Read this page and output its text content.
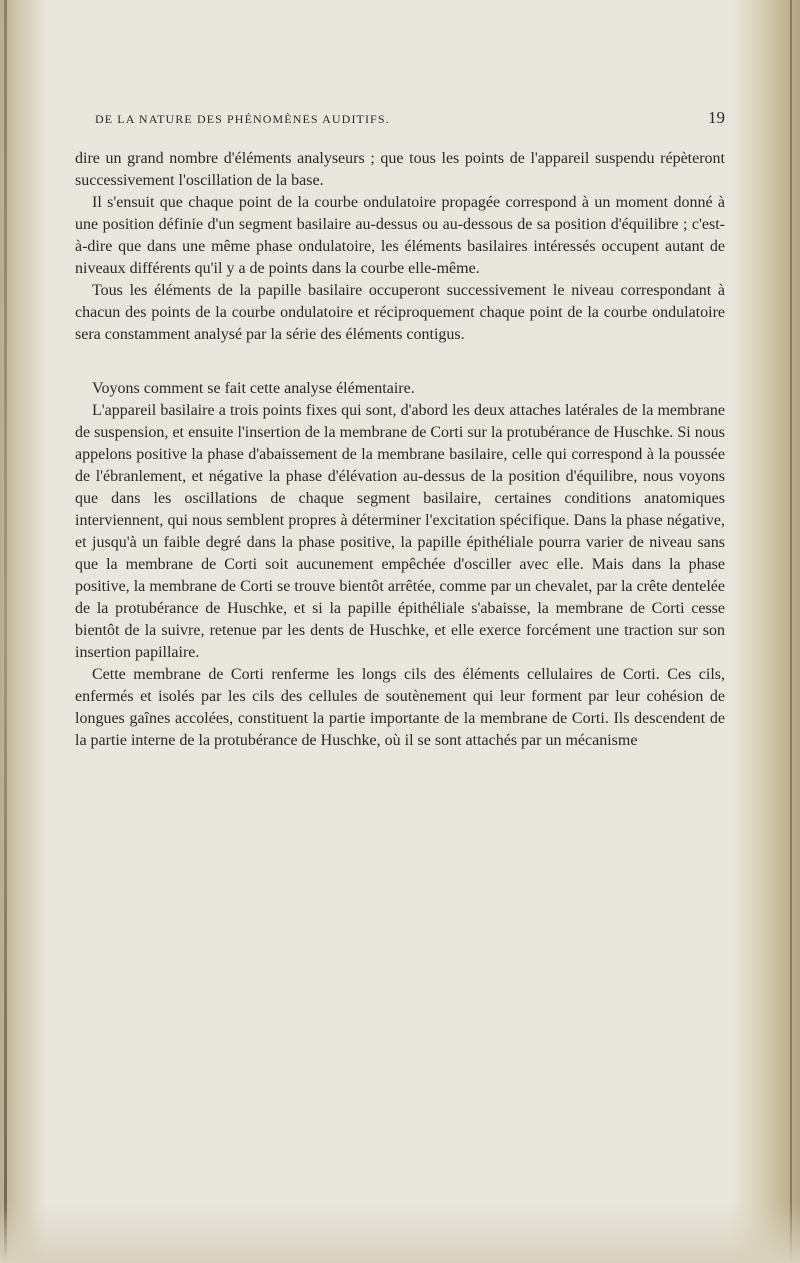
DE LA NATURE DES PHÉNOMÈNES AUDITIFS.	19

dire un grand nombre d'éléments analyseurs ; que tous les points de l'appareil suspendu répèteront successivement l'oscillation de la base.

Il s'ensuit que chaque point de la courbe ondulatoire propagée correspond à un moment donné à une position définie d'un segment basilaire au-dessus ou au-dessous de sa position d'équilibre ; c'est-à-dire que dans une même phase ondulatoire, les éléments basilaires intéressés occupent autant de niveaux différents qu'il y a de points dans la courbe elle-même.

Tous les éléments de la papille basilaire occuperont successivement le niveau correspondant à chacun des points de la courbe ondulatoire et réciproquement chaque point de la courbe ondulatoire sera constamment analysé par la série des éléments contigus.

Voyons comment se fait cette analyse élémentaire.

L'appareil basilaire a trois points fixes qui sont, d'abord les deux attaches latérales de la membrane de suspension, et ensuite l'insertion de la membrane de Corti sur la protubérance de Huschke. Si nous appelons positive la phase d'abaissement de la membrane basilaire, celle qui correspond à la poussée de l'ébranlement, et négative la phase d'élévation au-dessus de la position d'équilibre, nous voyons que dans les oscillations de chaque segment basilaire, certaines conditions anatomiques interviennent, qui nous semblent propres à déterminer l'excitation spécifique. Dans la phase négative, et jusqu'à un faible degré dans la phase positive, la papille épithéliale pourra varier de niveau sans que la membrane de Corti soit aucunement empêchée d'osciller avec elle. Mais dans la phase positive, la membrane de Corti se trouve bientôt arrêtée, comme par un chevalet, par la crête dentelée de la protubérance de Huschke, et si la papille épithéliale s'abaisse, la membrane de Corti cesse bientôt de la suivre, retenue par les dents de Huschke, et elle exerce forcément une traction sur son insertion papillaire.

Cette membrane de Corti renferme les longs cils des éléments cellulaires de Corti. Ces cils, enfermés et isolés par les cils des cellules de soutènement qui leur forment par leur cohésion de longues gaînes accolées, constituent la partie importante de la membrane de Corti. Ils descendent de la partie interne de la protubérance de Huschke, où il se sont attachés par un mécanisme
